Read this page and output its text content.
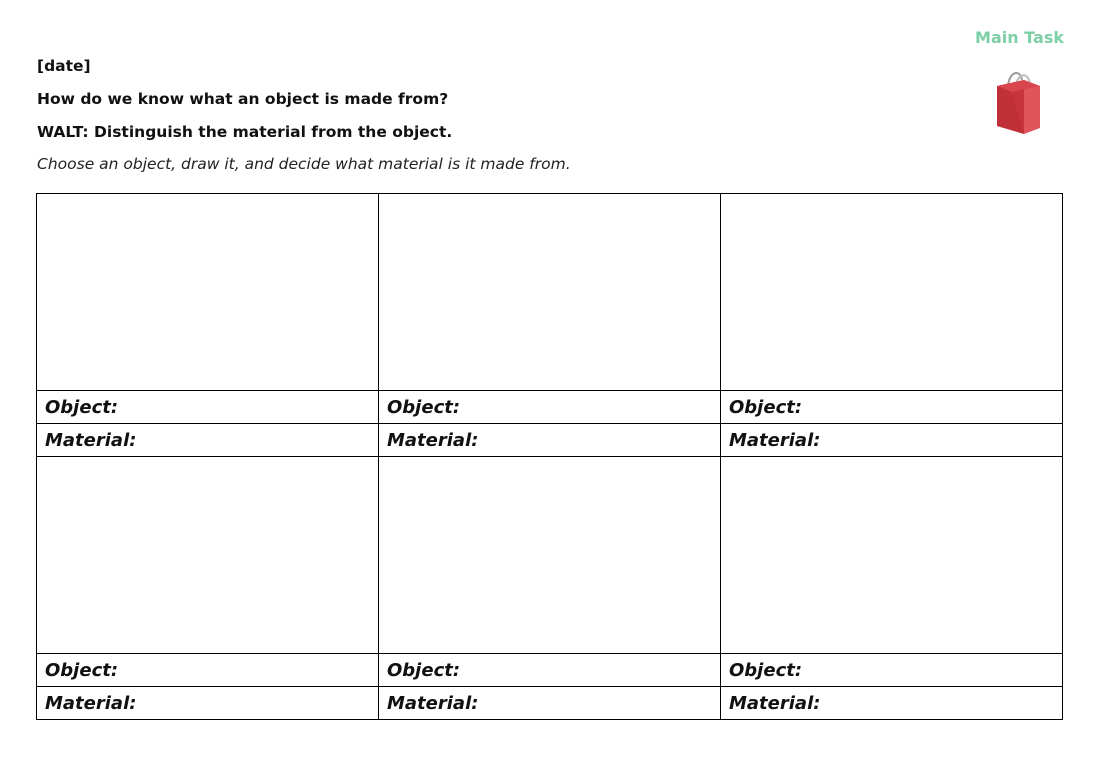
Main Task
[date]
How do we know what an object is made from?
WALT: Distinguish the material from the object.
Choose an object, draw it, and decide what material is it made from.

Object:	Object:	Object:
Material:	Material:	Material:

Object:	Object:	Object:
Material:	Material:	Material:
